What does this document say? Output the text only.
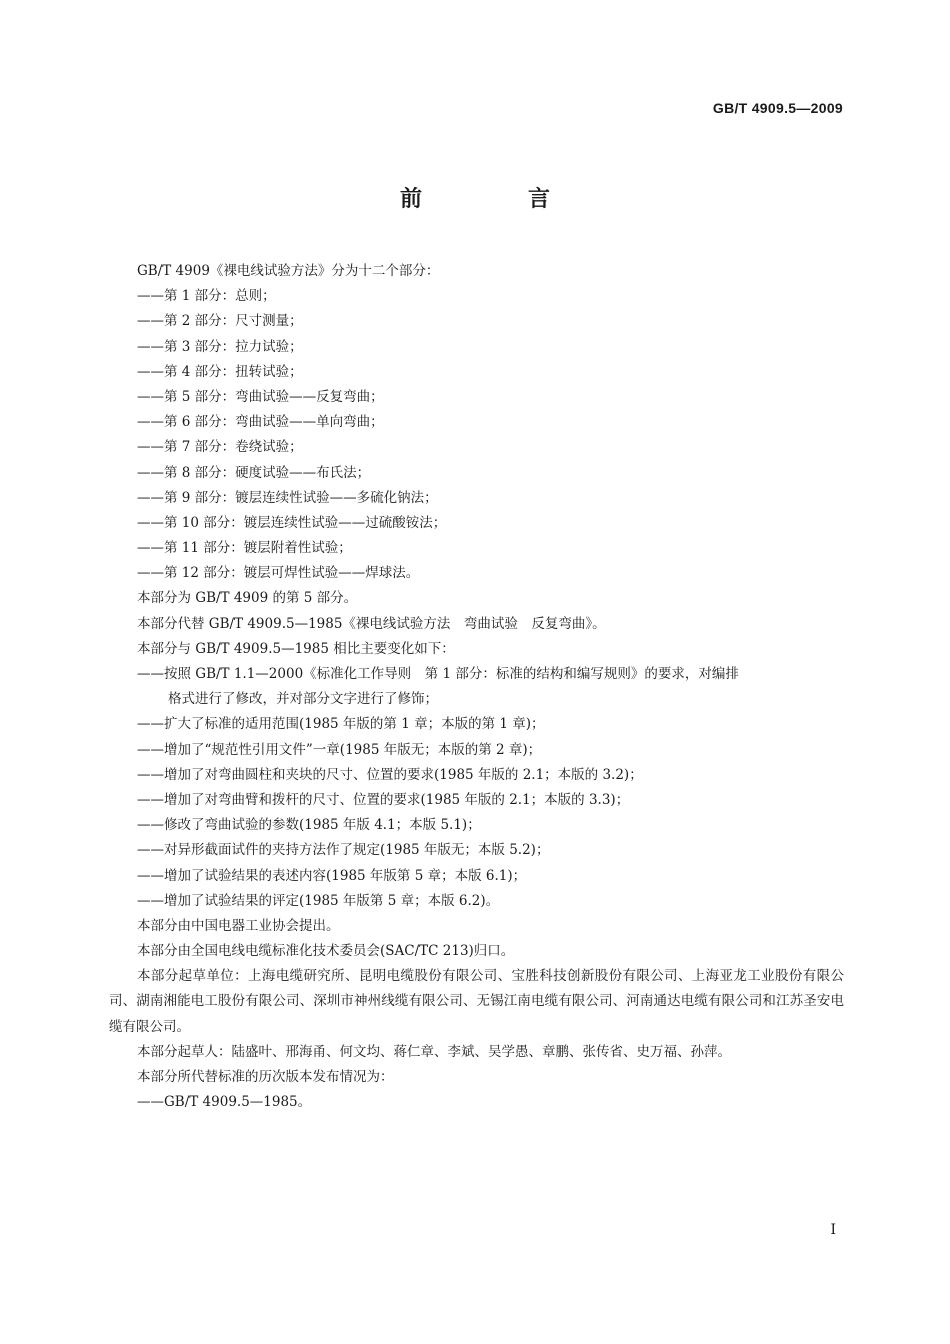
GB/T 4909.5—2009
前　言
GB/T 4909《裸电线试验方法》分为十二个部分：
——第 1 部分：总则；
——第 2 部分：尺寸测量；
——第 3 部分：拉力试验；
——第 4 部分：扭转试验；
——第 5 部分：弯曲试验——反复弯曲；
——第 6 部分：弯曲试验——单向弯曲；
——第 7 部分：卷绕试验；
——第 8 部分：硬度试验——布氏法；
——第 9 部分：镀层连续性试验——多硫化钠法；
——第 10 部分：镀层连续性试验——过硫酸铵法；
——第 11 部分：镀层附着性试验；
——第 12 部分：镀层可焊性试验——焊球法。
本部分为 GB/T 4909 的第 5 部分。
本部分代替 GB/T 4909.5—1985《裸电线试验方法　弯曲试验　反复弯曲》。
本部分与 GB/T 4909.5—1985 相比主要变化如下：
——按照 GB/T 1.1—2000《标准化工作导则　第 1 部分：标准的结构和编写规则》的要求，对编排
格式进行了修改，并对部分文字进行了修饰；
——扩大了标准的适用范围(1985 年版的第 1 章；本版的第 1 章)；
——增加了“规范性引用文件”一章(1985 年版无；本版的第 2 章)；
——增加了对弯曲圆柱和夹块的尺寸、位置的要求(1985 年版的 2.1；本版的 3.2)；
——增加了对弯曲臂和拨杆的尺寸、位置的要求(1985 年版的 2.1；本版的 3.3)；
——修改了弯曲试验的参数(1985 年版 4.1；本版 5.1)；
——对异形截面试件的夹持方法作了规定(1985 年版无；本版 5.2)；
——增加了试验结果的表述内容(1985 年版第 5 章；本版 6.1)；
——增加了试验结果的评定(1985 年版第 5 章；本版 6.2)。
本部分由中国电器工业协会提出。
本部分由全国电线电缆标准化技术委员会(SAC/TC 213)归口。
本部分起草单位：上海电缆研究所、昆明电缆股份有限公司、宝胜科技创新股份有限公司、上海亚龙工业股份有限公司、湖南湘能电工股份有限公司、深圳市神州线缆有限公司、无锡江南电缆有限公司、河南通达电缆有限公司和江苏圣安电缆有限公司。
本部分起草人：陆盛叶、邢海甬、何文均、蒋仁章、李斌、吴学愚、章鹏、张传省、史万福、孙萍。
本部分所代替标准的历次版本发布情况为：
——GB/T 4909.5—1985。
I
